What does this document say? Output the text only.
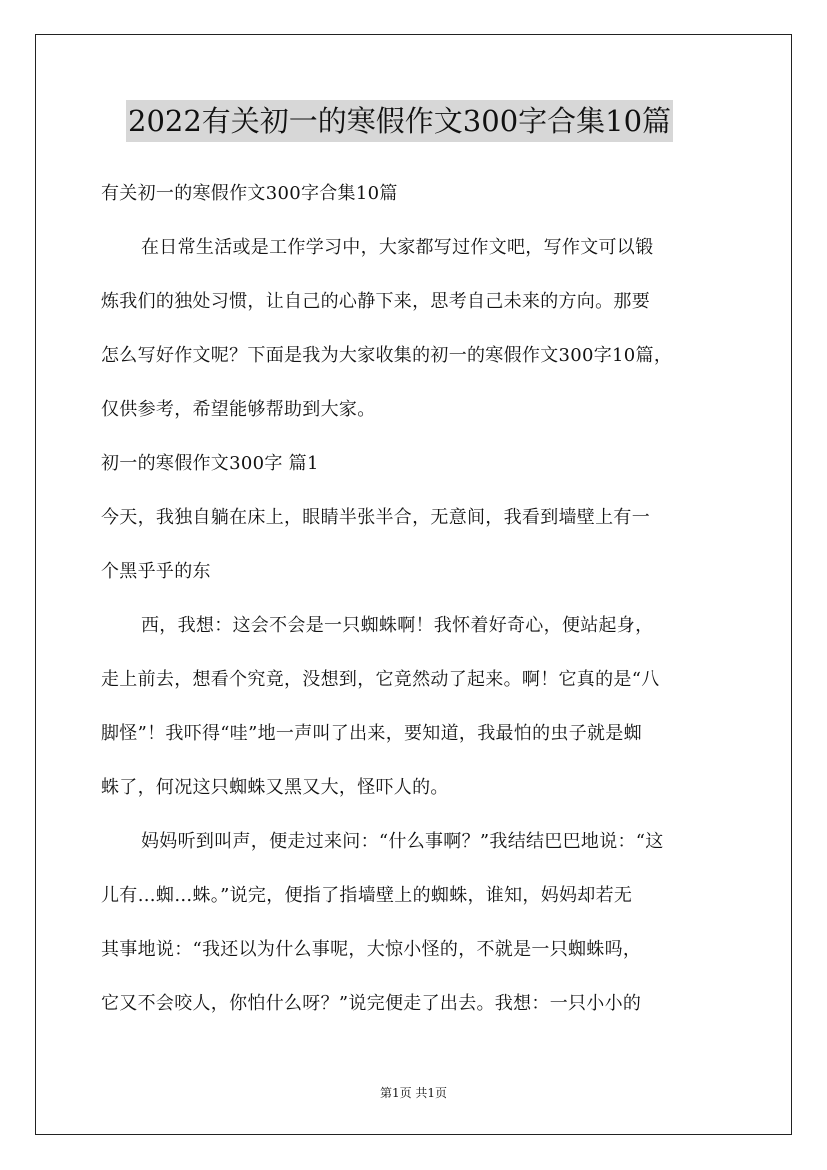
2022有关初一的寒假作文300字合集10篇
有关初一的寒假作文300字合集10篇
在日常生活或是工作学习中，大家都写过作文吧，写作文可以锻
炼我们的独处习惯，让自己的心静下来，思考自己未来的方向。那要
怎么写好作文呢？下面是我为大家收集的初一的寒假作文300字10篇，
仅供参考，希望能够帮助到大家。
初一的寒假作文300字 篇1
今天，我独自躺在床上，眼睛半张半合，无意间，我看到墙壁上有一
个黑乎乎的东
西，我想：这会不会是一只蜘蛛啊！我怀着好奇心，便站起身，
走上前去，想看个究竟，没想到，它竟然动了起来。啊！它真的是“八
脚怪”！我吓得“哇”地一声叫了出来，要知道，我最怕的虫子就是蜘
蛛了，何况这只蜘蛛又黑又大，怪吓人的。
妈妈听到叫声，便走过来问：“什么事啊？”我结结巴巴地说：“这
儿有…蜘…蛛。”说完，便指了指墙壁上的蜘蛛，谁知，妈妈却若无
其事地说：“我还以为什么事呢，大惊小怪的，不就是一只蜘蛛吗，
它又不会咬人，你怕什么呀？”说完便走了出去。我想：一只小小的
第1页 共1页
